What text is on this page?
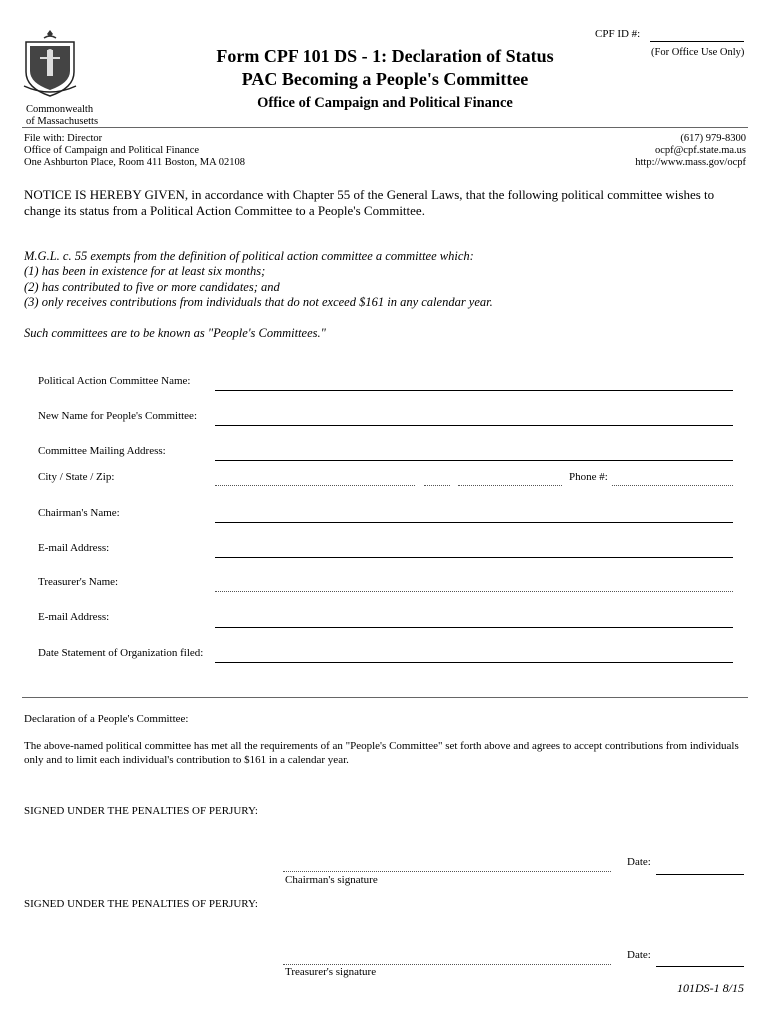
Commonwealth
of Massachusetts
CPF ID #:
(For Office Use Only)
Form CPF 101 DS - 1: Declaration of Status
PAC Becoming a People's Committee
Office of Campaign and Political Finance
File with: Director
Office of Campaign and Political Finance
One Ashburton Place, Room 411 Boston, MA 02108
(617) 979-8300
ocpf@cpf.state.ma.us
http://www.mass.gov/ocpf
NOTICE IS HEREBY GIVEN, in accordance with Chapter 55 of the General Laws, that the following political committee wishes to change its status from a Political Action Committee to a People's Committee.
M.G.L. c. 55 exempts from the definition of political action committee a committee which:
(1) has been in existence for at least six months;
(2) has contributed to five or more candidates; and
(3) only receives contributions from individuals that do not exceed $161 in any calendar year.
Such committees are to be known as "People's Committees."
Political Action Committee Name:
New Name for People's Committee:
Committee Mailing Address:
City / State / Zip:	Phone #:
Chairman's Name:
E-mail Address:
Treasurer's Name:
E-mail Address:
Date Statement of Organization filed:
Declaration of a People's Committee:
The above-named political committee has met all the requirements of an "People's Committee" set forth above and agrees to accept contributions from individuals only and to limit each individual's contribution to $161 in a calendar year.
SIGNED UNDER THE PENALTIES OF PERJURY:
Chairman's signature
Date:
SIGNED UNDER THE PENALTIES OF PERJURY:
Treasurer's signature
Date:
101DS-1 8/15
